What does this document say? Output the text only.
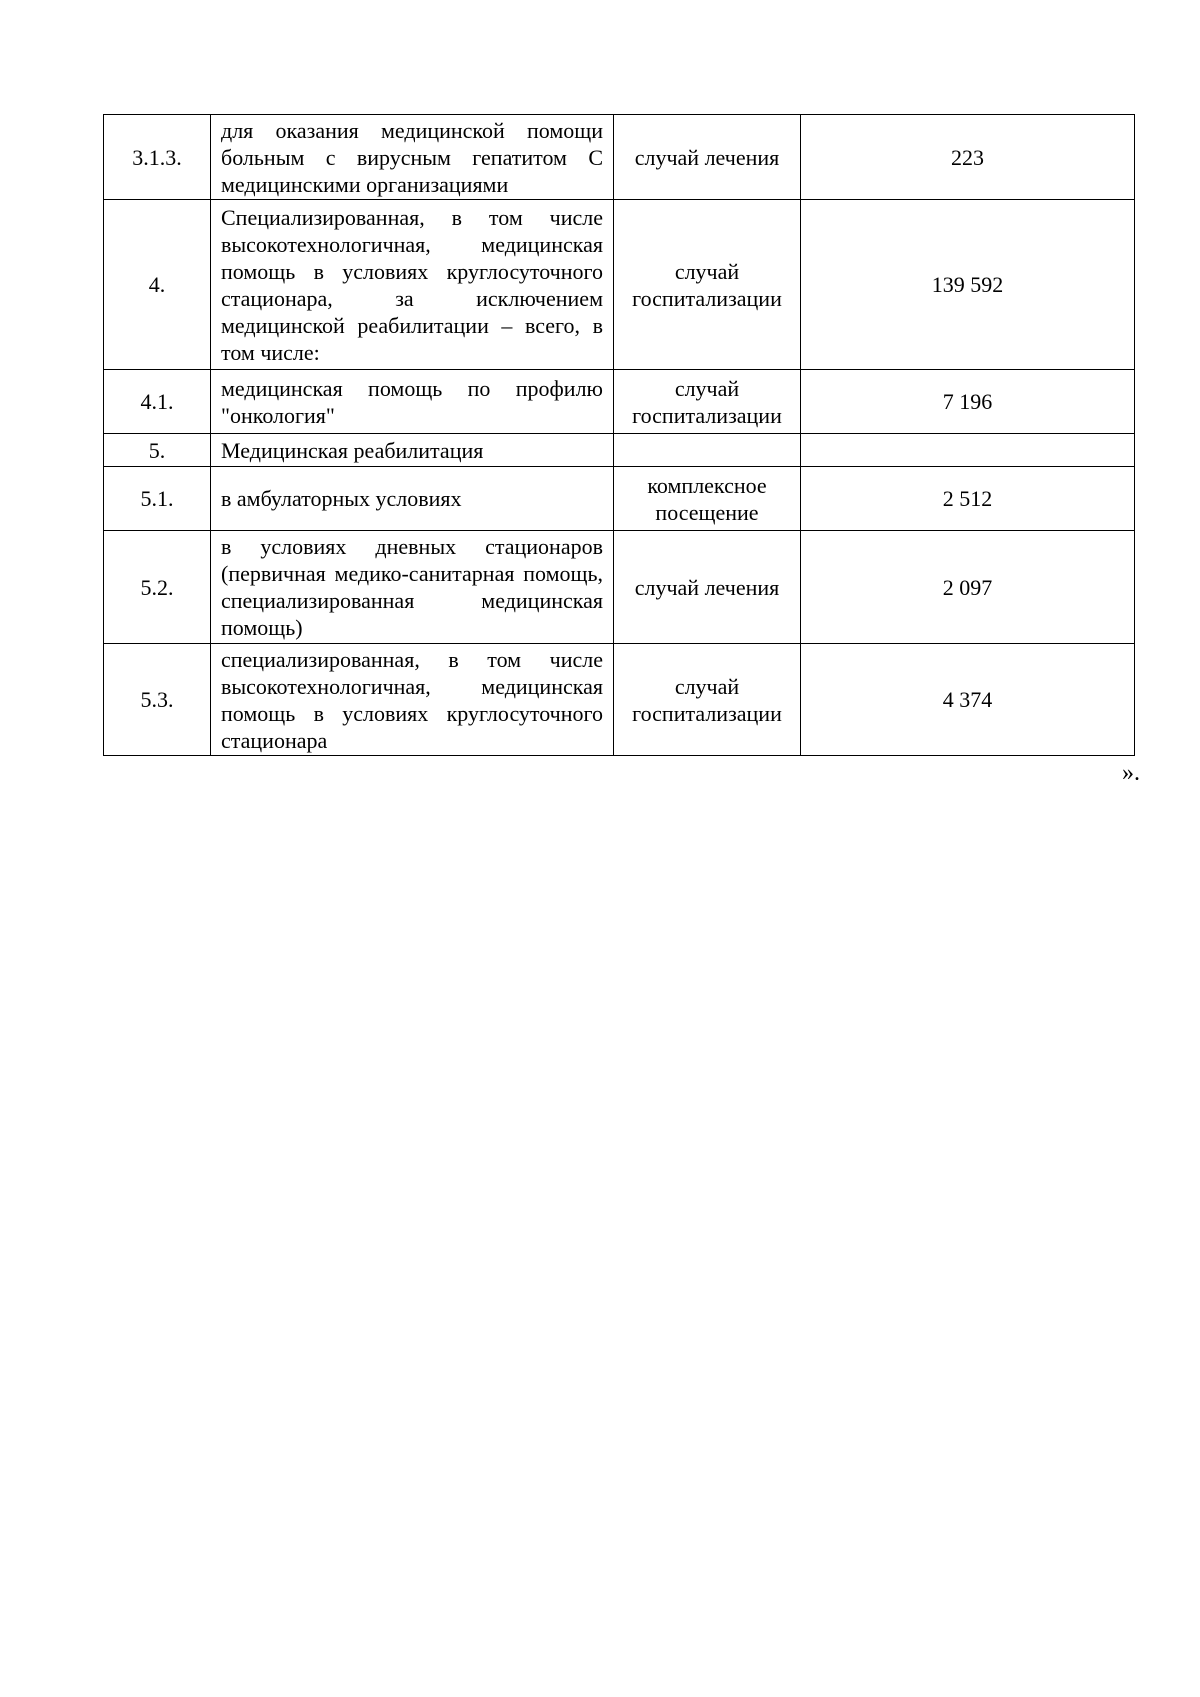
3.1.3.	для оказания медицинской помощи больным с вирусным гепатитом С медицинскими организациями	случай лечения	223
4.	Специализированная, в том числе высокотехнологичная, медицинская помощь в условиях круглосуточного стационара, за исключением медицинской реабилитации – всего, в том числе:	случай госпитализации	139 592
4.1.	медицинская помощь по профилю "онкология"	случай госпитализации	7 196
5.	Медицинская реабилитация		
5.1.	в амбулаторных условиях	комплексное посещение	2 512
5.2.	в условиях дневных стационаров (первичная медико-санитарная помощь, специализированная медицинская помощь)	случай лечения	2 097
5.3.	специализированная, в том числе высокотехнологичная, медицинская помощь в условиях круглосуточного стационара	случай госпитализации	4 374
».
